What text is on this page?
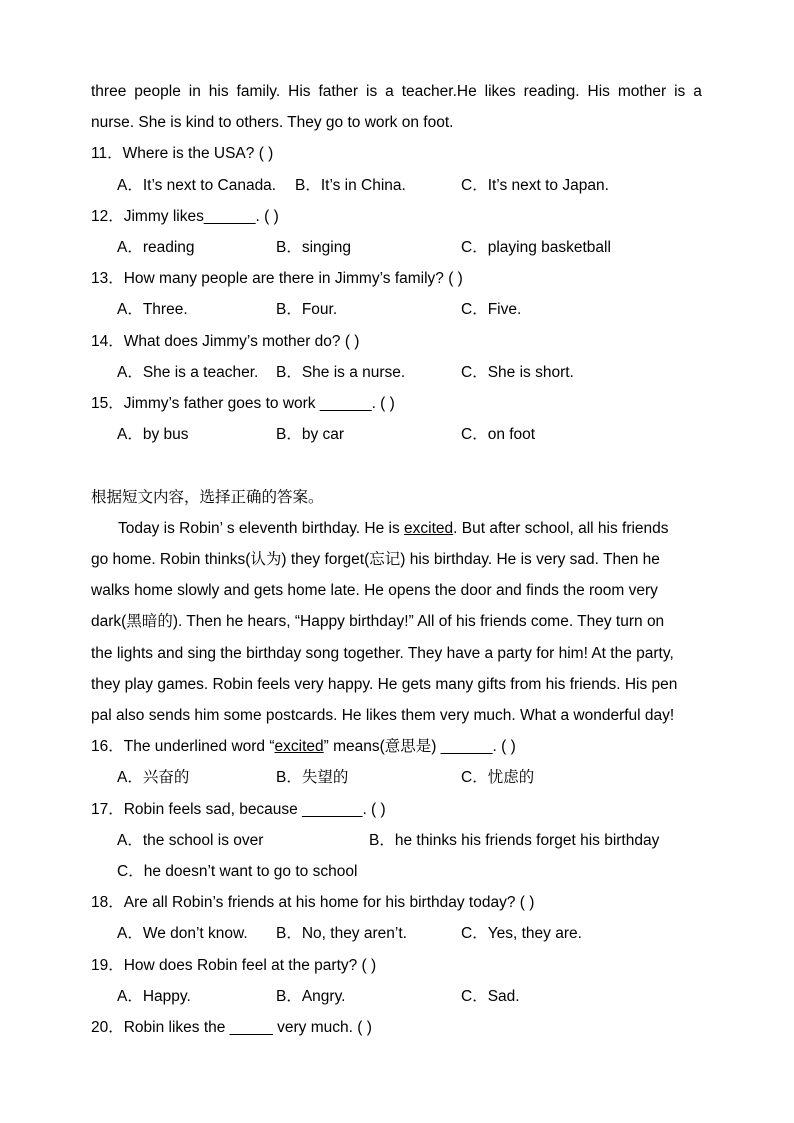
three people in his family. His father is a teacher.He likes reading. His mother is a
nurse. She is kind to others. They go to work on foot.
11．Where is the USA? ( )
A．It’s next to Canada. B．It’s in China.	C．It’s next to Japan.
12．Jimmy likes______. ( )
A．reading	B．singing	C．playing basketball
13．How many people are there in Jimmy’s family? ( )
A．Three.	B．Four.	C．Five.
14．What does Jimmy’s mother do? ( )
A．She is a teacher. B．She is a nurse.	C．She is short.
15．Jimmy’s father goes to work ______. ( )
A．by bus	B．by car	C．on foot
根据短文内容，选择正确的答案。
Today is Robin’ s eleventh birthday. He is excited. But after school, all his friends
go home. Robin thinks(认为) they forget(忘记) his birthday. He is very sad. Then he
walks home slowly and gets home late. He opens the door and finds the room very
dark(黑暗的). Then he hears, “Happy birthday!” All of his friends come. They turn on
the lights and sing the birthday song together. They have a party for him! At the party,
they play games. Robin feels very happy. He gets many gifts from his friends. His pen
pal also sends him some postcards. He likes them very much. What a wonderful day!
16．The underlined word “excited” means(意思是) ______. ( )
A．兴奋的	B．失望的	C．忧虑的
17．Robin feels sad, because _______. ( )
A．the school is over	B．he thinks his friends forget his birthday
C．he doesn’t want to go to school
18．Are all Robin’s friends at his home for his birthday today? ( )
A．We don’t know. B．No, they aren’t.	C．Yes, they are.
19．How does Robin feel at the party? ( )
A．Happy.	B．Angry.	C．Sad.
20．Robin likes the _____ very much. ( )
